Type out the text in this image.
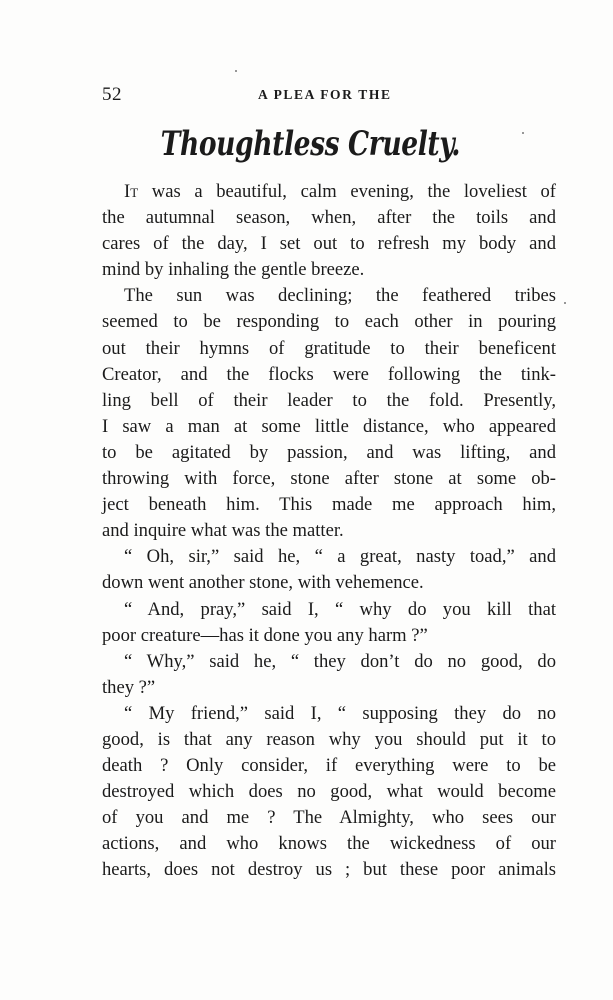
52	A PLEA FOR THE
Thoughtless Cruelty.
It was a beautiful, calm evening, the loveliest of
the autumnal season, when, after the toils and
cares of the day, I set out to refresh my body and
mind by inhaling the gentle breeze.
The sun was declining; the feathered tribes
seemed to be responding to each other in pouring
out their hymns of gratitude to their beneficent
Creator, and the flocks were following the tink-
ling bell of their leader to the fold. Presently,
I saw a man at some little distance, who appeared
to be agitated by passion, and was lifting, and
throwing with force, stone after stone at some ob-
ject beneath him. This made me approach him,
and inquire what was the matter.
“ Oh, sir,” said he, “ a great, nasty toad,” and
down went another stone, with vehemence.
“ And, pray,” said I, “ why do you kill that
poor creature—has it done you any harm ?”
“ Why,” said he, “ they don’t do no good, do
they ?”
“ My friend,” said I, “ supposing they do no
good, is that any reason why you should put it to
death ? Only consider, if everything were to be
destroyed which does no good, what would become
of you and me ? The Almighty, who sees our
actions, and who knows the wickedness of our
hearts, does not destroy us ; but these poor animals
